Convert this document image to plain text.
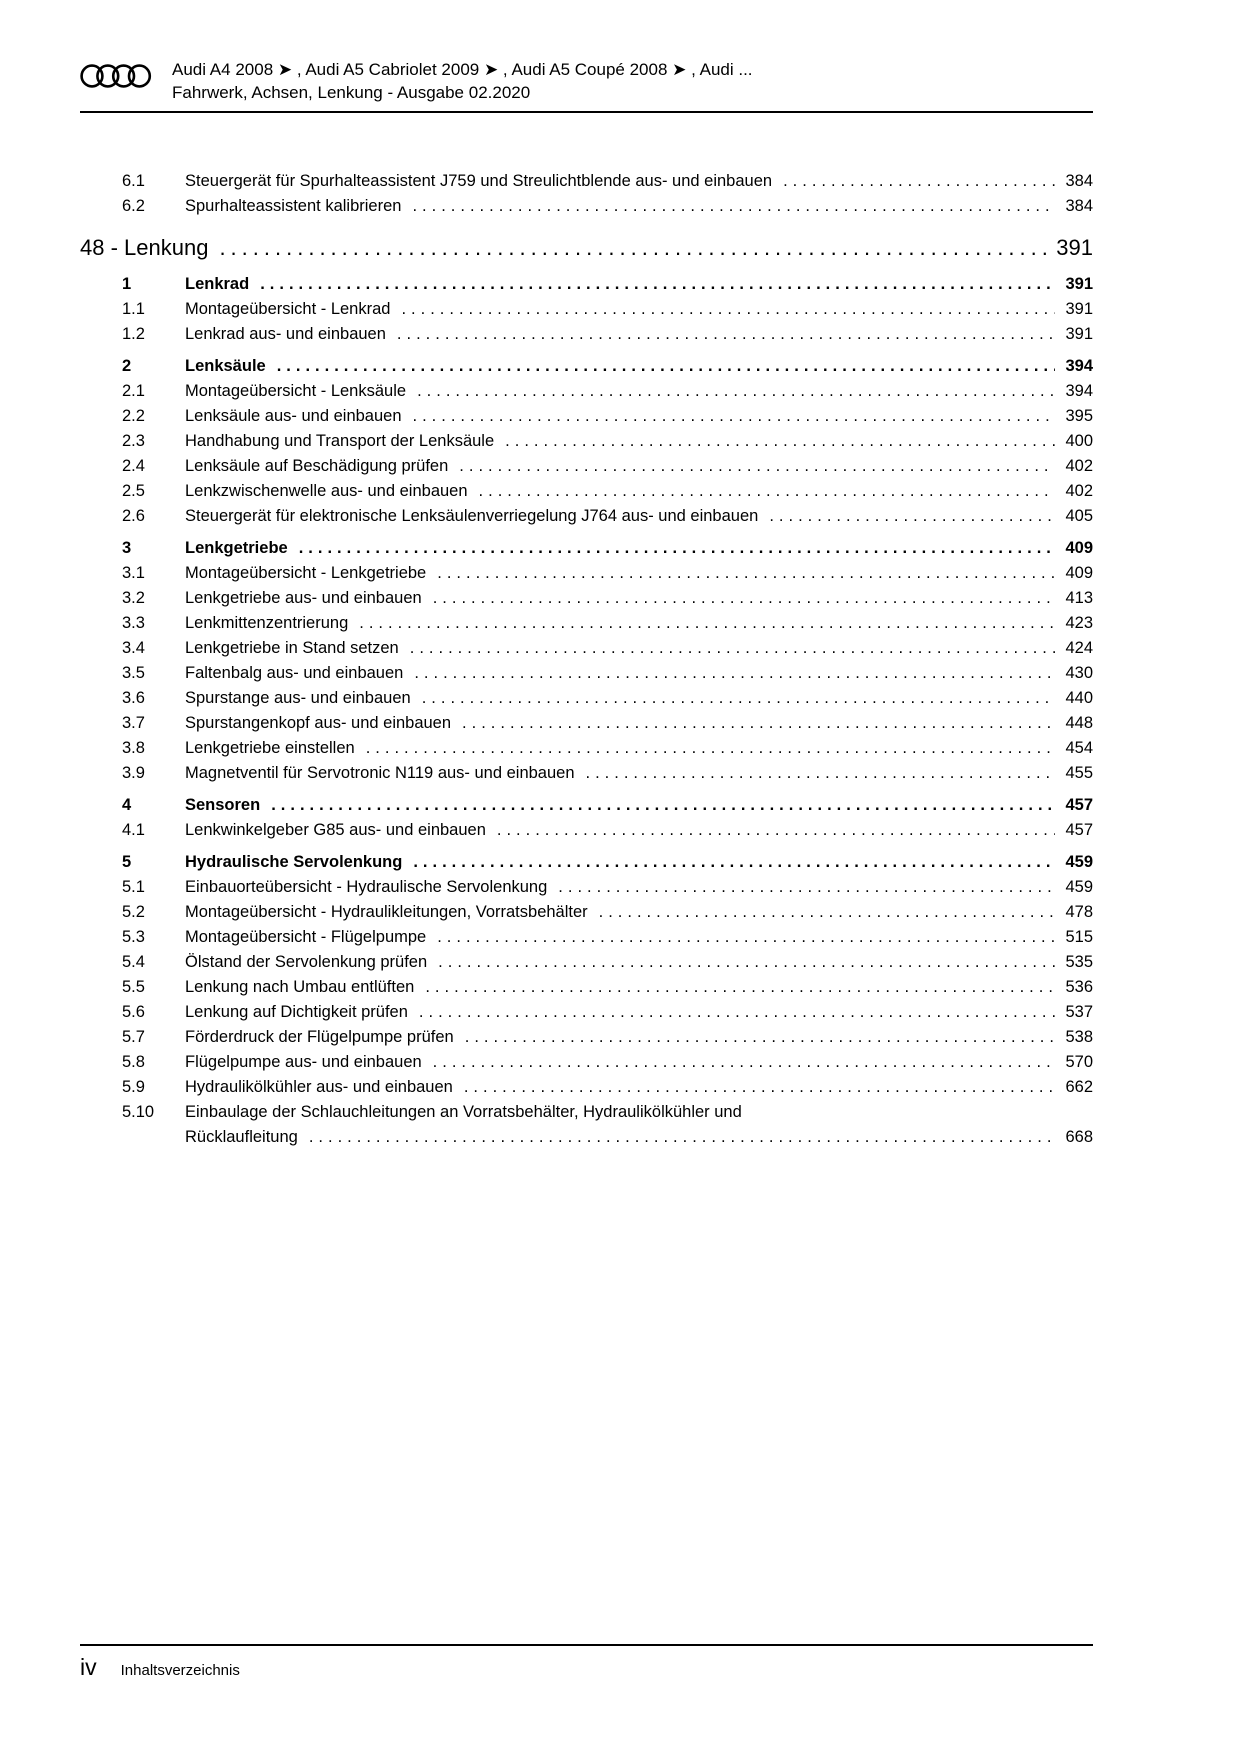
Audi A4 2008 ➤ , Audi A5 Cabriolet 2009 ➤ , Audi A5 Coupé 2008 ➤ , Audi ...
Fahrwerk, Achsen, Lenkung - Ausgabe 02.2020
6.1	Steuergerät für Spurhalteassistent J759 und Streulichtblende aus- und einbauen .....	384
6.2	Spurhalteassistent kalibrieren .....	384
48 - Lenkung .....	391
1	Lenkrad .....	391
1.1	Montageübersicht - Lenkrad .....	391
1.2	Lenkrad aus- und einbauen .....	391
2	Lenksäule .....	394
2.1	Montageübersicht - Lenksäule .....	394
2.2	Lenksäule aus- und einbauen .....	395
2.3	Handhabung und Transport der Lenksäule .....	400
2.4	Lenksäule auf Beschädigung prüfen .....	402
2.5	Lenkzwischenwelle aus- und einbauen .....	402
2.6	Steuergerät für elektronische Lenksäulenverriegelung J764 aus- und einbauen .....	405
3	Lenkgetriebe .....	409
3.1	Montageübersicht - Lenkgetriebe .....	409
3.2	Lenkgetriebe aus- und einbauen .....	413
3.3	Lenkmittenzentrierung .....	423
3.4	Lenkgetriebe in Stand setzen .....	424
3.5	Faltenbalg aus- und einbauen .....	430
3.6	Spurstange aus- und einbauen .....	440
3.7	Spurstangenkopf aus- und einbauen .....	448
3.8	Lenkgetriebe einstellen .....	454
3.9	Magnetventil für Servotronic N119 aus- und einbauen .....	455
4	Sensoren .....	457
4.1	Lenkwinkelgeber G85 aus- und einbauen .....	457
5	Hydraulische Servolenkung .....	459
5.1	Einbauorteübersicht - Hydraulische Servolenkung .....	459
5.2	Montageübersicht - Hydraulikleitungen, Vorratsbehälter .....	478
5.3	Montageübersicht - Flügelpumpe .....	515
5.4	Ölstand der Servolenkung prüfen .....	535
5.5	Lenkung nach Umbau entlüften .....	536
5.6	Lenkung auf Dichtigkeit prüfen .....	537
5.7	Förderdruck der Flügelpumpe prüfen .....	538
5.8	Flügelpumpe aus- und einbauen .....	570
5.9	Hydraulikölkühler aus- und einbauen .....	662
5.10	Einbaulage der Schlauchleitungen an Vorratsbehälter, Hydraulikölkühler und
Rücklaufleitung .....	668
iv Inhaltsverzeichnis
